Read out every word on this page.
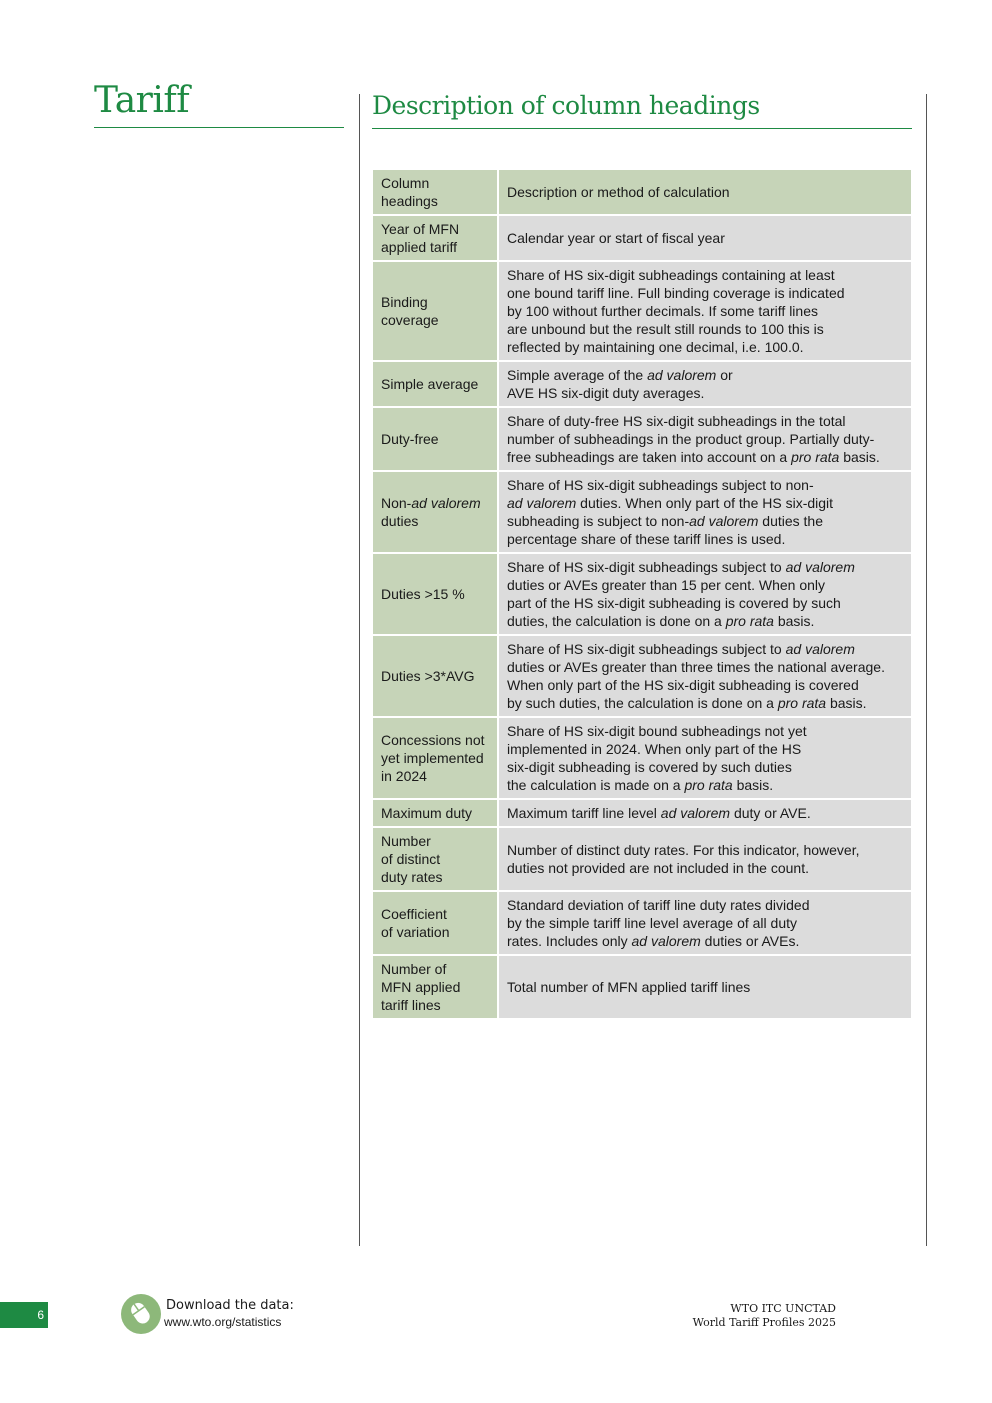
Tariff	Description of column headings
Column
headings	Description or method of calculation

Year of MFN
applied tariff	Calendar year or start of fiscal year

Binding
coverage	Share of HS six-digit subheadings containing at least
one bound tariff line. Full binding coverage is indicated
by 100 without further decimals. If some tariff lines
are unbound but the result still rounds to 100 this is
reflected by maintaining one decimal, i.e. 100.0.

Simple average	Simple average of the ad valorem or
AVE HS six-digit duty averages.

Duty-free	Share of duty-free HS six-digit subheadings in the total
number of subheadings in the product group. Partially duty-
free subheadings are taken into account on a pro rata basis.

Non-ad valorem
duties	Share of HS six-digit subheadings subject to non-
ad valorem duties. When only part of the HS six-digit
subheading is subject to non-ad valorem duties the
percentage share of these tariff lines is used.

Duties >15 %	Share of HS six-digit subheadings subject to ad valorem
duties or AVEs greater than 15 per cent. When only
part of the HS six-digit subheading is covered by such
duties, the calculation is done on a pro rata basis.

Duties >3*AVG	Share of HS six-digit subheadings subject to ad valorem
duties or AVEs greater than three times the national average.
When only part of the HS six-digit subheading is covered
by such duties, the calculation is done on a pro rata basis.

Concessions not
yet implemented
in 2024	Share of HS six-digit bound subheadings not yet
implemented in 2024. When only part of the HS
six-digit subheading is covered by such duties
the calculation is made on a pro rata basis.

Maximum duty	Maximum tariff line level ad valorem duty or AVE.

Number
of distinct
duty rates	Number of distinct duty rates. For this indicator, however,
duties not provided are not included in the count.

Coefficient
of variation	Standard deviation of tariff line duty rates divided
by the simple tariff line level average of all duty
rates. Includes only ad valorem duties or AVEs.

Number of
MFN applied
tariff lines	Total number of MFN applied tariff lines
6
Download the data:
www.wto.org/statistics
WTO ITC UNCTAD
World Tariff Profiles 2025
